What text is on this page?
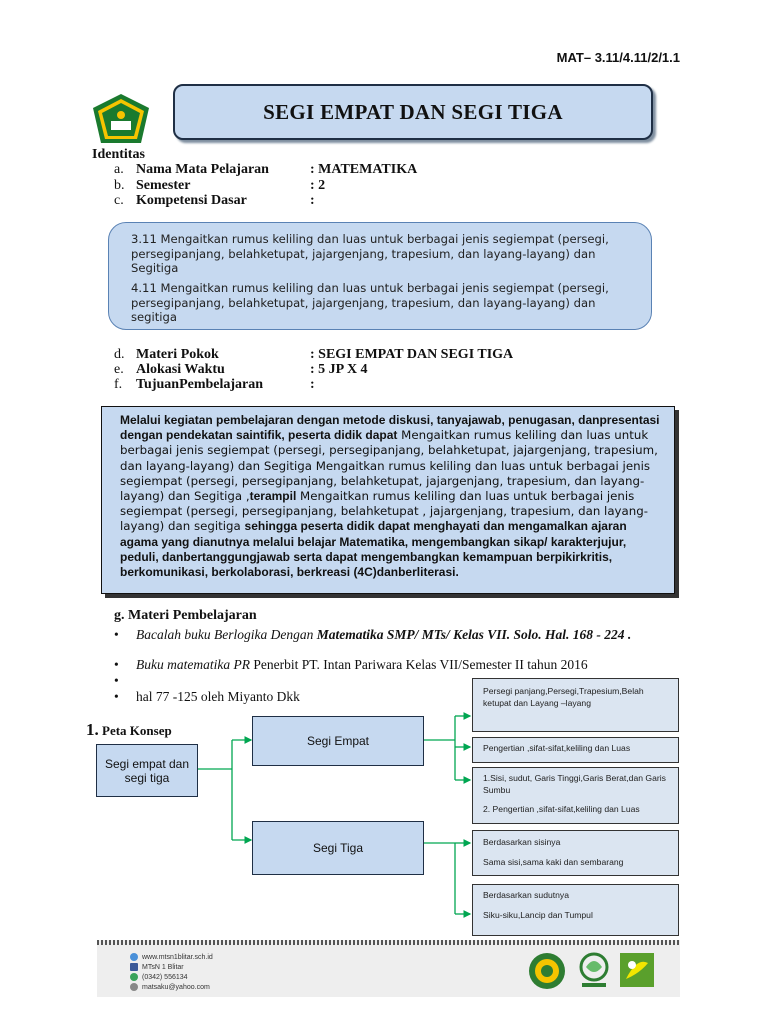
MAT– 3.11/4.11/2/1.1
SEGI EMPAT DAN SEGI TIGA
Identitas
a. Nama Mata Pelajaran	: MATEMATIKA
b. Semester	: 2
c. Kompetensi Dasar	:

3.11 Mengaitkan rumus keliling dan luas untuk berbagai jenis segiempat (persegi, persegipanjang, belahketupat, jajargenjang, trapesium, dan layang-layang) dan Segitiga

4.11 Mengaitkan rumus keliling dan luas untuk berbagai jenis segiempat (persegi, persegipanjang, belahketupat, jajargenjang, trapesium, dan layang-layang) dan segitiga

d. Materi Pokok	: SEGI EMPAT DAN SEGI TIGA
e. Alokasi Waktu	: 5 JP X 4
f. TujuanPembelajaran	:
Melalui kegiatan pembelajaran dengan metode diskusi, tanyajawab, penugasan, danpresentasi dengan pendekatan saintifik, peserta didik dapat Mengaitkan rumus keliling dan luas untuk berbagai jenis segiempat (persegi, persegipanjang, belahketupat, jajargenjang, trapesium, dan layang-layang) dan Segitiga Mengaitkan rumus keliling dan luas untuk berbagai jenis segiempat (persegi, persegipanjang, belahketupat, jajargenjang, trapesium, dan layang-layang) dan Segitiga ,terampil Mengaitkan rumus keliling dan luas untuk berbagai jenis segiempat (persegi, persegipanjang, belahketupat , jajargenjang, trapesium, dan layang-layang) dan segitiga sehingga peserta didik dapat menghayati dan mengamalkan ajaran agama yang dianutnya melalui belajar Matematika, mengembangkan sikap/ karakterjujur, peduli, danbertanggungjawab serta dapat mengembangkan kemampuan berpikirkritis, berkomunikasi, berkolaborasi, berkreasi (4C)danberliterasi.
g. Materi Pembelajaran
•	Bacalah buku Berlogika Dengan Matematika SMP/ MTs/ Kelas VII. Solo. Hal. 168 - 224 .
•	Buku matematika PR Penerbit PT. Intan Pariwara Kelas VII/Semester II tahun 2016
•
•	hal 77 -125 oleh Miyanto Dkk
1. Peta Konsep
Segi empat dan segi tiga
Segi Empat
Segi Tiga
Persegi panjang,Persegi,Trapesium,Belah ketupat dan Layang –layang
Pengertian ,sifat-sifat,keliling dan Luas
1.Sisi, sudut, Garis Tinggi,Garis Berat,dan Garis Sumbu
2. Pengertian ,sifat-sifat,keliling dan Luas
Berdasarkan sisinya
Sama sisi,sama kaki dan sembarang
Berdasarkan sudutnya
Siku-siku,Lancip dan Tumpul
www.mtsn1blitar.sch.id
MTsN 1 Blitar
(0342) 556134
matsaku@yahoo.com
